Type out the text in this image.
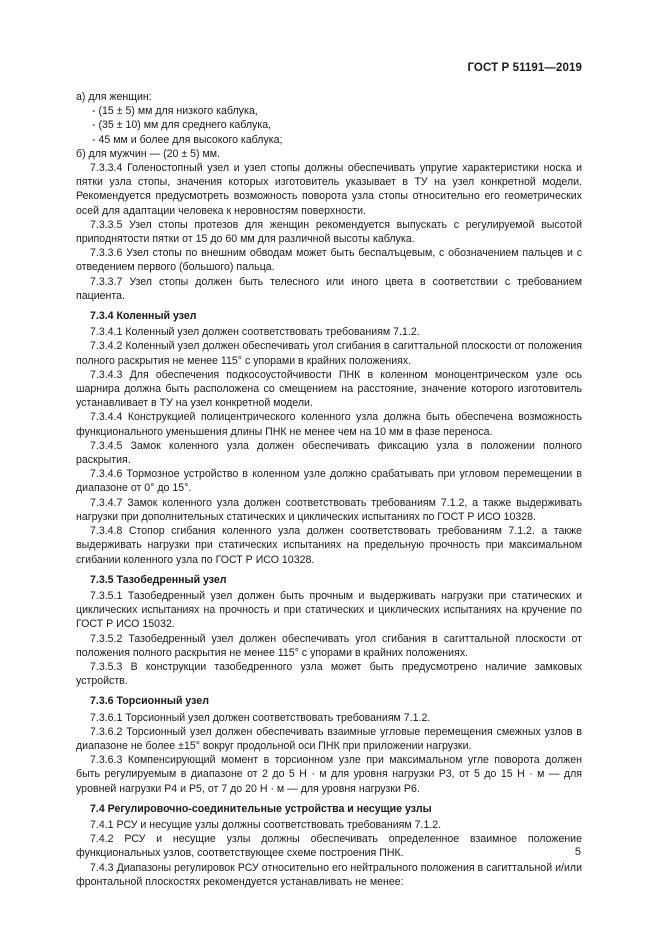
ГОСТ Р 51191—2019
а) для женщин:
- (15 ± 5) мм для низкого каблука,
- (35 ± 10) мм для среднего каблука,
- 45 мм и более для высокого каблука;
б) для мужчин — (20 ± 5) мм.
7.3.3.4 Голеностопный узел и узел стопы должны обеспечивать упругие характеристики носка и пятки узла стопы, значения которых изготовитель указывает в ТУ на узел конкретной модели. Рекомендуется предусмотреть возможность поворота узла стопы относительно его геометрических осей для адаптации человека к неровностям поверхности.
7.3.3.5 Узел стопы протезов для женщин рекомендуется выпускать с регулируемой высотой приподнятости пятки от 15 до 60 мм для различной высоты каблука.
7.3.3.6 Узел стопы по внешним обводам может быть беспалъцевым, с обозначением пальцев и с отведением первого (большого) пальца.
7.3.3.7 Узел стопы должен быть телесного или иного цвета в соответствии с требованием пациента.
7.3.4 Коленный узел
7.3.4.1 Коленный узел должен соответствовать требованиям 7.1.2.
7.3.4.2 Коленный узел должен обеспечивать угол сгибания в сагиттальной плоскости от положения полного раскрытия не менее 115° с упорами в крайних положениях.
7.3.4.3 Для обеспечения подкосоустойчивости ПНК в коленном моноцентрическом узле ось шарнира должна быть расположена со смещением на расстояние, значение которого изготовитель устанавливает в ТУ на узел конкретной модели.
7.3.4.4 Конструкцией полицентрического коленного узла должна быть обеспечена возможность функционального уменьшения длины ПНК не менее чем на 10 мм в фазе переноса.
7.3.4.5 Замок коленного узла должен обеспечивать фиксацию узла в положении полного раскрытия.
7.3.4.6 Тормозное устройство в коленном узле должно срабатывать при угловом перемещении в диапазоне от 0° до 15°.
7.3.4.7 Замок коленного узла должен соответствовать требованиям 7.1.2, а также выдерживать нагрузки при дополнительных статических и циклических испытаниях по ГОСТ Р ИСО 10328.
7.3.4.8 Стопор сгибания коленного узла должен соответствовать требованиям 7.1.2. а также выдерживать нагрузки при статических испытаниях на предельную прочность при максимальном сгибании коленного узла по ГОСТ Р ИСО 10328.
7.3.5 Тазобедренный узел
7.3.5.1 Тазобедренный узел должен быть прочным и выдерживать нагрузки при статических и циклических испытаниях на прочность и при статических и циклических испытаниях на кручение по ГОСТ Р ИСО 15032.
7.3.5.2 Тазобедренный узел должен обеспечивать угол сгибания в сагиттальной плоскости от положения полного раскрытия не менее 115° с упорами в крайних положениях.
7.3.5.3 В конструкции тазобедренного узла может быть предусмотрено наличие замковых устройств.
7.3.6 Торсионный узел
7.3.6.1 Торсионный узел должен соответствовать требованиям 7.1.2.
7.3.6.2 Торсионный узел должен обеспечивать взаимные угловые перемещения смежных узлов в диапазоне не более ±15° вокруг продольной оси ПНК при приложении нагрузки.
7.3.6.3 Компенсирующий момент в торсионном узле при максимальном угле поворота должен быть регулируемым в диапазоне от 2 до 5 Н · м для уровня нагрузки Р3, от 5 до 15 Н · м — для уровней нагрузки Р4 и Р5, от 7 до 20 Н · м — для уровня нагрузки Р6.
7.4 Регулировочно-соединительные устройства и несущие узлы
7.4.1 РСУ и несущие узлы должны соответствовать требованиям 7.1.2.
7.4.2 РСУ и несущие узлы должны обеспечивать определенное взаимное положение функциональных узлов, соответствующее схеме построения ПНК.
7.4.3 Диапазоны регулировок РСУ относительно его нейтрального положения в сагиттальной и/или фронтальной плоскостях рекомендуется устанавливать не менее:
5
